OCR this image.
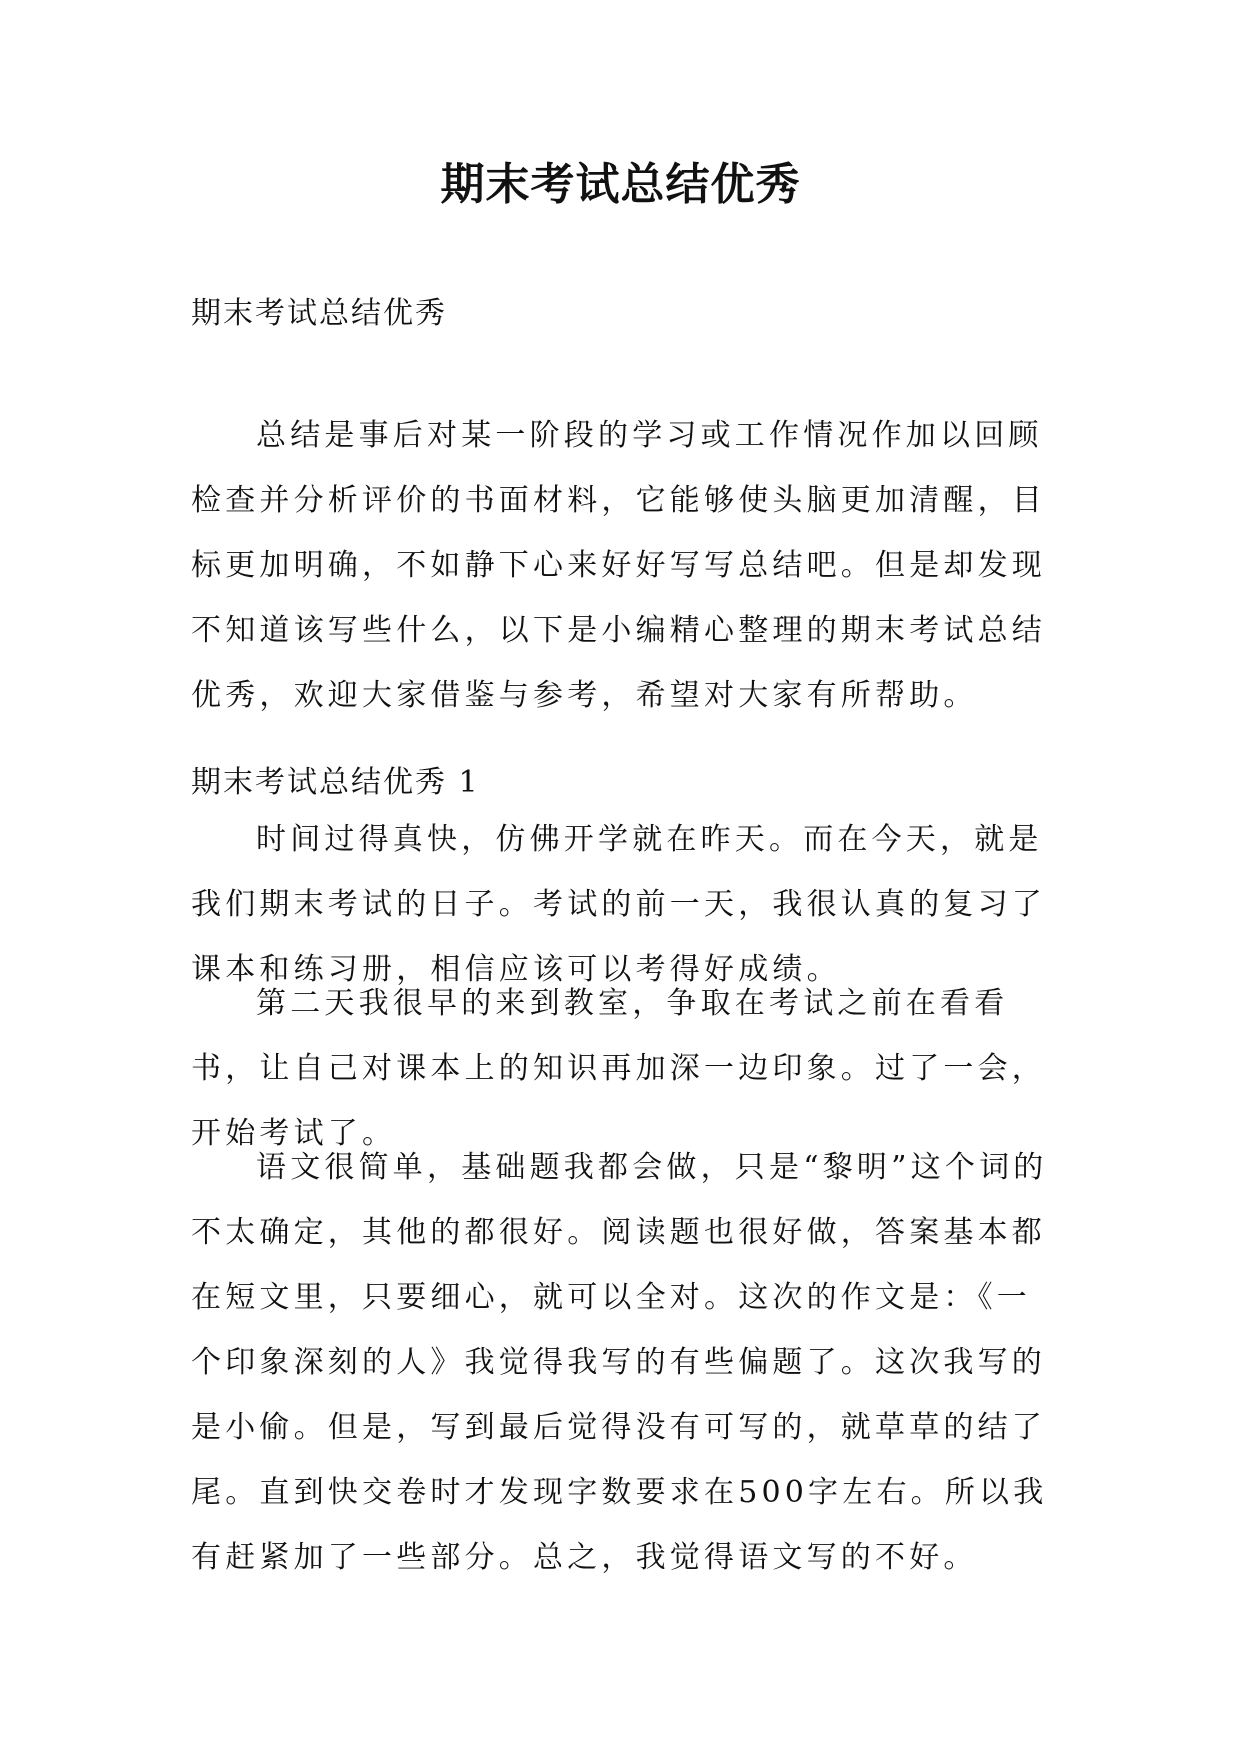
期末考试总结优秀
期末考试总结优秀

总结是事后对某一阶段的学习或工作情况作加以回顾检查并分析评价的书面材料，它能够使头脑更加清醒，目标更加明确，不如静下心来好好写写总结吧。但是却发现不知道该写些什么，以下是小编精心整理的期末考试总结优秀，欢迎大家借鉴与参考，希望对大家有所帮助。

期末考试总结优秀 1

时间过得真快，仿佛开学就在昨天。而在今天，就是我们期末考试的日子。考试的前一天，我很认真的复习了课本和练习册，相信应该可以考得好成绩。

第二天我很早的来到教室，争取在考试之前在看看书，让自己对课本上的知识再加深一边印象。过了一会，开始考试了。

语文很简单，基础题我都会做，只是“黎明”这个词的不太确定，其他的都很好。阅读题也很好做，答案基本都在短文里，只要细心，就可以全对。这次的作文是：《一个印象深刻的人》我觉得我写的有些偏题了。这次我写的是小偷。但是，写到最后觉得没有可写的，就草草的结了尾。直到快交卷时才发现字数要求在500字左右。所以我有赶紧加了一些部分。总之，我觉得语文写的不好。
